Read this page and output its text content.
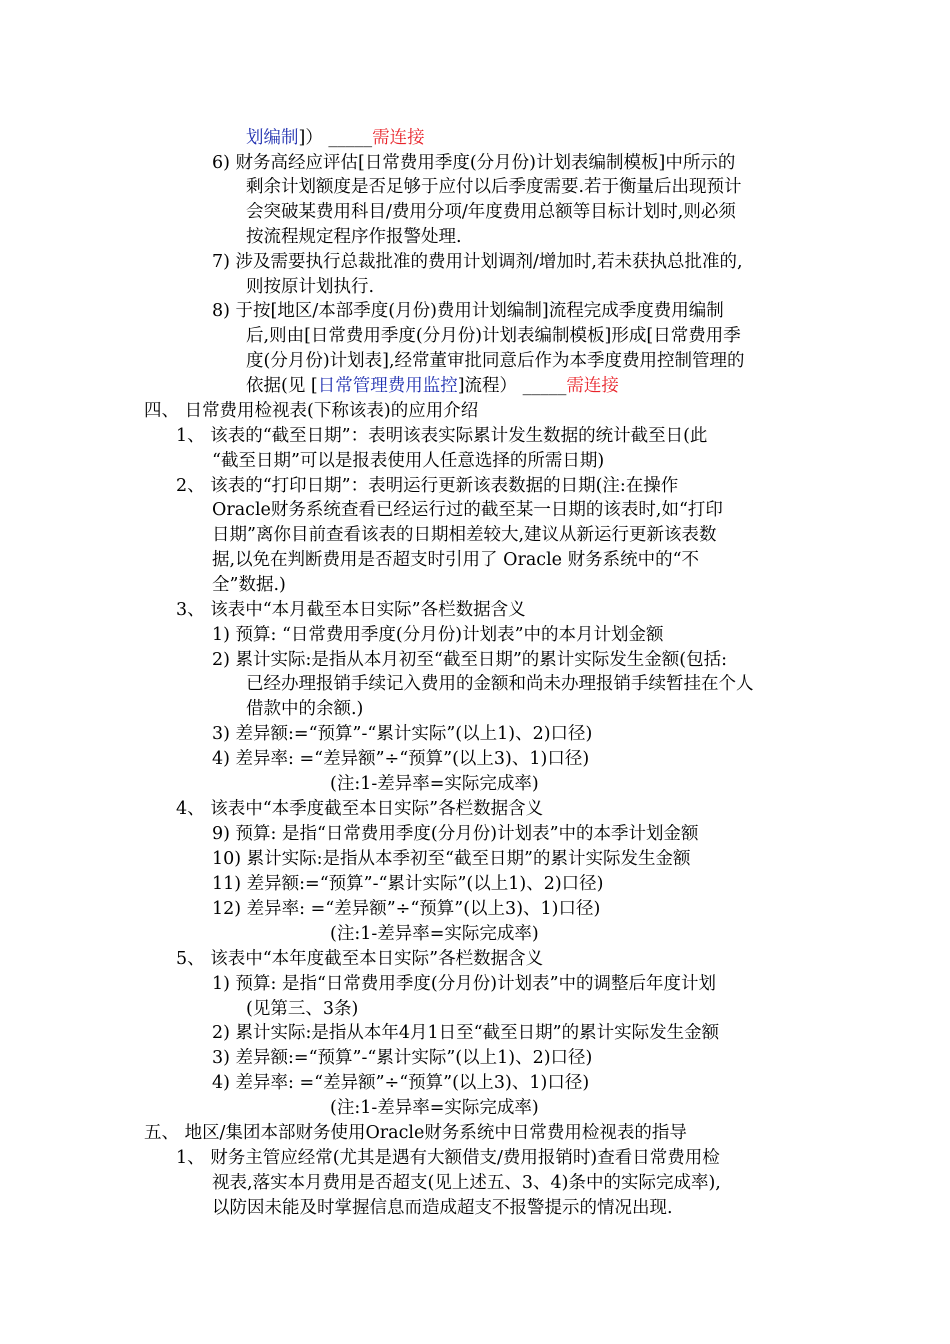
划编制]） _____需连接
6) 财务高经应评估[日常费用季度(分月份)计划表编制模板]中所示的
剩余计划额度是否足够于应付以后季度需要.若于衡量后出现预计
会突破某费用科目/费用分项/年度费用总额等目标计划时,则必须
按流程规定程序作报警处理.
7) 涉及需要执行总裁批准的费用计划调剂/增加时,若未获执总批准的,
则按原计划执行.
8) 于按[地区/本部季度(月份)费用计划编制]流程完成季度费用编制
后,则由[日常费用季度(分月份)计划表编制模板]形成[日常费用季
度(分月份)计划表],经常董审批同意后作为本季度费用控制管理的
依据(见 [日常管理费用监控]流程） _____需连接
四、 日常费用检视表(下称该表)的应用介绍
1、 该表的“截至日期”：表明该表实际累计发生数据的统计截至日(此
“截至日期”可以是报表使用人任意选择的所需日期)
2、 该表的“打印日期”：表明运行更新该表数据的日期(注:在操作
Oracle财务系统查看已经运行过的截至某一日期的该表时,如“打印
日期”离你目前查看该表的日期相差较大,建议从新运行更新该表数
据,以免在判断费用是否超支时引用了 Oracle 财务系统中的“不
全”数据.)
3、 该表中“本月截至本日实际”各栏数据含义
1) 预算: “日常费用季度(分月份)计划表”中的本月计划金额
2) 累计实际:是指从本月初至“截至日期”的累计实际发生金额(包括:
已经办理报销手续记入费用的金额和尚未办理报销手续暂挂在个人
借款中的余额.)
3) 差异额:=“预算”-“累计实际”(以上1)、2)口径)
4) 差异率: =“差异额”÷“预算”(以上3)、1)口径)
(注:1-差异率=实际完成率)
4、 该表中“本季度截至本日实际”各栏数据含义
9) 预算: 是指“日常费用季度(分月份)计划表”中的本季计划金额
10) 累计实际:是指从本季初至“截至日期”的累计实际发生金额
11) 差异额:=“预算”-“累计实际”(以上1)、2)口径)
12) 差异率: =“差异额”÷“预算”(以上3)、1)口径)
(注:1-差异率=实际完成率)
5、 该表中“本年度截至本日实际”各栏数据含义
1) 预算: 是指“日常费用季度(分月份)计划表”中的调整后年度计划
(见第三、3条)
2) 累计实际:是指从本年4月1日至“截至日期”的累计实际发生金额
3) 差异额:=“预算”-“累计实际”(以上1)、2)口径)
4) 差异率: =“差异额”÷“预算”(以上3)、1)口径)
(注:1-差异率=实际完成率)
五、 地区/集团本部财务使用Oracle财务系统中日常费用检视表的指导
1、 财务主管应经常(尤其是遇有大额借支/费用报销时)查看日常费用检
视表,落实本月费用是否超支(见上述五、3、4)条中的实际完成率),
以防因未能及时掌握信息而造成超支不报警提示的情况出现.
